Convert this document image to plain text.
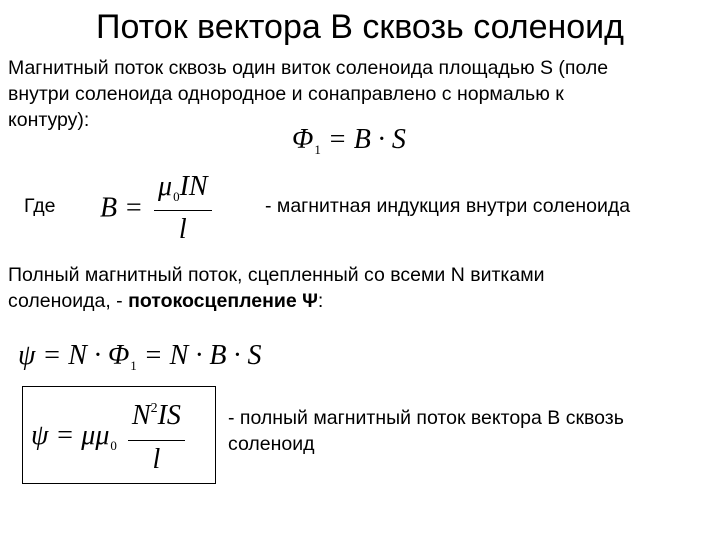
Поток вектора В сквозь соленоид
Магнитный поток сквозь один виток соленоида площадью S (поле
внутри соленоида однородное и сонаправлено с нормалью к
контуру):
$\Phi_1 = B \cdot S$
Где $B = \frac{\mu_0IN}{l}$	- магнитная индукция внутри соленоида
Полный магнитный поток, сцепленный со всеми N витками
соленоида, - потокосцепление Ψ:
$\psi = N \cdot \Phi_1 = N \cdot B \cdot S$
$\psi = \mu\mu_0 \frac{N^2IS}{l}$ - полный магнитный поток вектора В сквозь
соленоид
